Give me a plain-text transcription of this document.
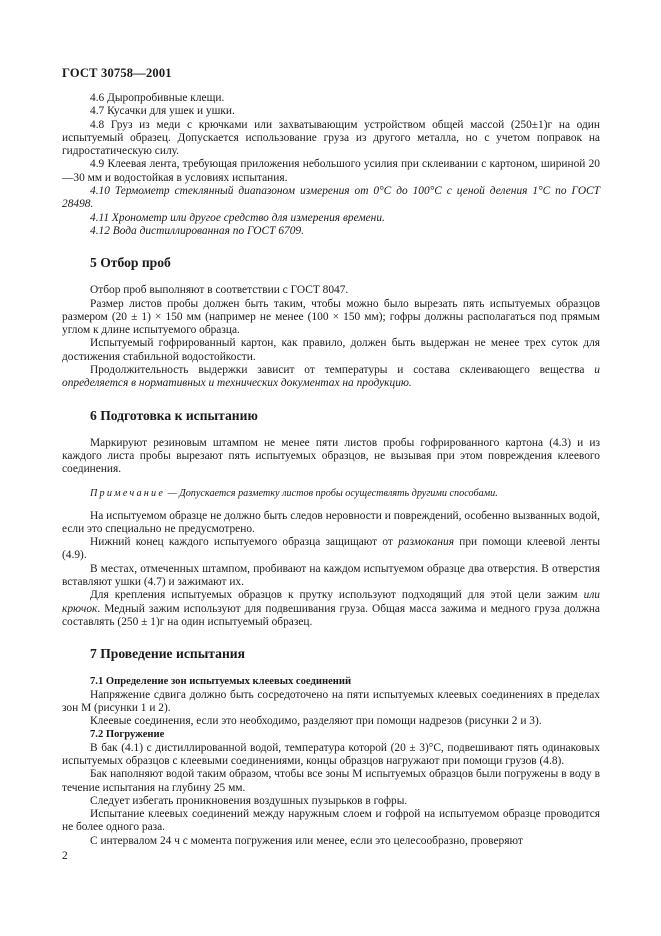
ГОСТ 30758—2001

4.6 Дыропробивные клещи.

4.7 Кусачки для ушек и ушки.

4.8 Груз из меди с крючками или захватывающим устройством общей массой (250±1)г на один испытуемый образец. Допускается использование груза из другого металла, но с учетом поправок на гидростатическую силу.

4.9 Клеевая лента, требующая приложения небольшого усилия при склеивании с картоном, шириной 20—30 мм и водостойкая в условиях испытания.

4.10 Термометр стеклянный диапазоном измерения от 0°С до 100°С с ценой деления 1°С по ГОСТ 28498.

4.11 Хронометр или другое средство для измерения времени.

4.12 Вода дистиллированная по ГОСТ 6709.

5 Отбор проб

Отбор проб выполняют в соответствии с ГОСТ 8047.

Размер листов пробы должен быть таким, чтобы можно было вырезать пять испытуемых образцов размером (20 ± 1) × 150 мм (например не менее (100 × 150 мм); гофры должны располагаться под прямым углом к длине испытуемого образца.

Испытуемый гофрированный картон, как правило, должен быть выдержан не менее трех суток для достижения стабильной водостойкости.

Продолжительность выдержки зависит от температуры и состава склеивающего вещества и определяется в нормативных и технических документах на продукцию.

6 Подготовка к испытанию

Маркируют резиновым штампом не менее пяти листов пробы гофрированного картона (4.3) и из каждого листа пробы вырезают пять испытуемых образцов, не вызывая при этом повреждения клеевого соединения.

Примечание — Допускается разметку листов пробы осуществлять другими способами.

На испытуемом образце не должно быть следов неровности и повреждений, особенно вызванных водой, если это специально не предусмотрено.

Нижний конец каждого испытуемого образца защищают от размокания при помощи клеевой ленты (4.9).

В местах, отмеченных штампом, пробивают на каждом испытуемом образце два отверстия. В отверстия вставляют ушки (4.7) и зажимают их.

Для крепления испытуемых образцов к прутку используют подходящий для этой цели зажим или крючок. Медный зажим используют для подвешивания груза. Общая масса зажима и медного груза должна составлять (250 ± 1)г на один испытуемый образец.

7 Проведение испытания
7.1 Определение зон испытуемых клеевых соединений

Напряжение сдвига должно быть сосредоточено на пяти испытуемых клеевых соединениях в пределах зон М (рисунки 1 и 2).

Клеевые соединения, если это необходимо, разделяют при помощи надрезов (рисунки 2 и 3).

7.2 Погружение

В бак (4.1) с дистиллированной водой, температура которой (20 ± 3)°С, подвешивают пять одинаковых испытуемых образцов с клеевыми соединениями, концы образцов нагружают при помощи грузов (4.8).

Бак наполняют водой таким образом, чтобы все зоны М испытуемых образцов были погружены в воду в течение испытания на глубину 25 мм.

Следует избегать проникновения воздушных пузырьков в гофры.

Испытание клеевых соединений между наружным слоем и гофрой на испытуемом образце проводится не более одного раза.

С интервалом 24 ч с момента погружения или менее, если это целесообразно, проверяют

2
